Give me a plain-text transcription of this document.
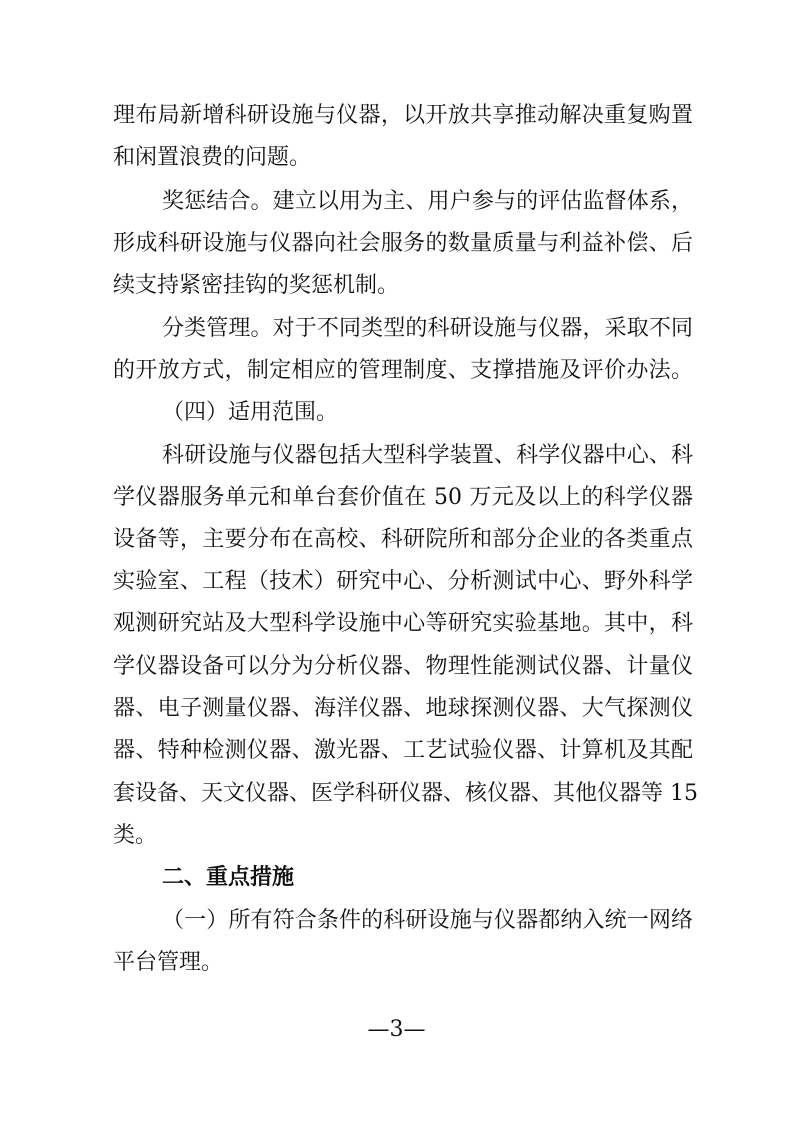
理布局新增科研设施与仪器，以开放共享推动解决重复购置
和闲置浪费的问题。
奖惩结合。建立以用为主、用户参与的评估监督体系，
形成科研设施与仪器向社会服务的数量质量与利益补偿、后
续支持紧密挂钩的奖惩机制。
分类管理。对于不同类型的科研设施与仪器，采取不同
的开放方式，制定相应的管理制度、支撑措施及评价办法。
（四）适用范围。
科研设施与仪器包括大型科学装置、科学仪器中心、科
学仪器服务单元和单台套价值在 50 万元及以上的科学仪器
设备等，主要分布在高校、科研院所和部分企业的各类重点
实验室、工程（技术）研究中心、分析测试中心、野外科学
观测研究站及大型科学设施中心等研究实验基地。其中，科
学仪器设备可以分为分析仪器、物理性能测试仪器、计量仪
器、电子测量仪器、海洋仪器、地球探测仪器、大气探测仪
器、特种检测仪器、激光器、工艺试验仪器、计算机及其配
套设备、天文仪器、医学科研仪器、核仪器、其他仪器等 15
类。
二、重点措施
（一）所有符合条件的科研设施与仪器都纳入统一网络
平台管理。
—3—
